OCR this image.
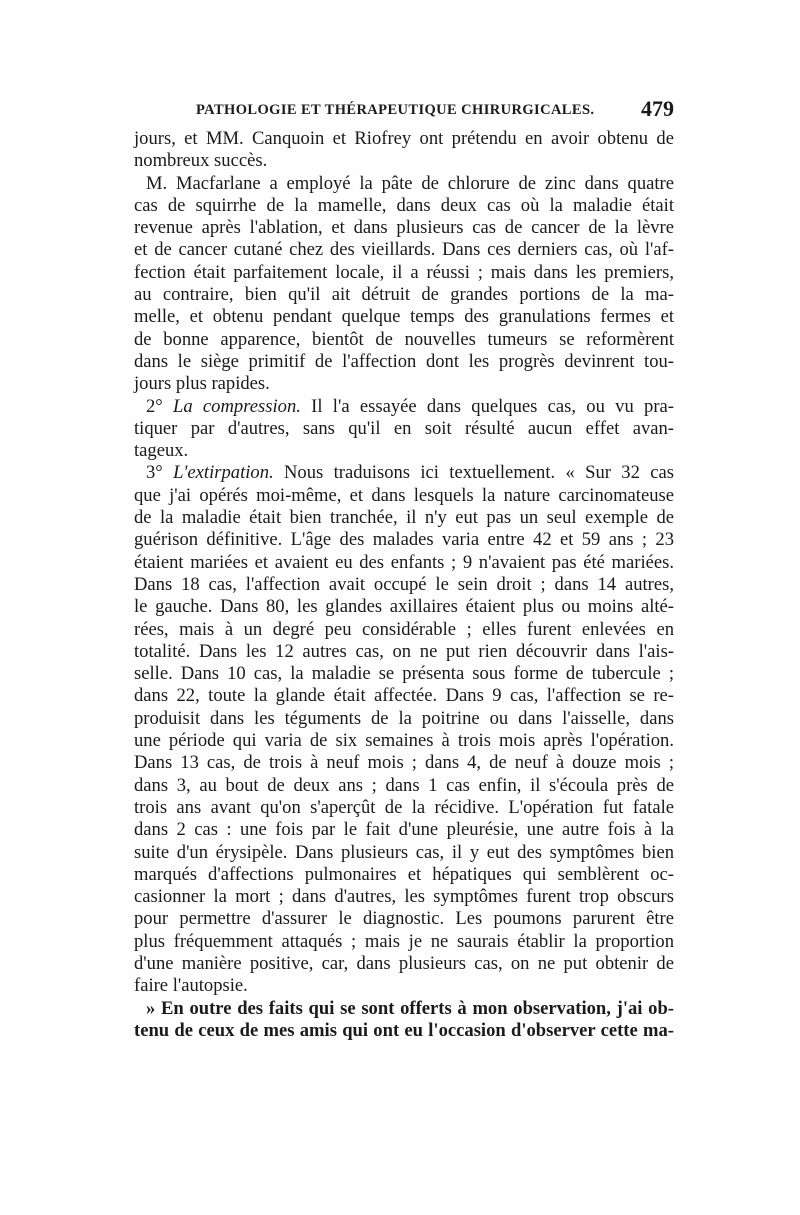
PATHOLOGIE ET THÉRAPEUTIQUE CHIRURGICALES. 479
jours, et MM. Canquoin et Riofrey ont prétendu en avoir obtenu de
nombreux succès.
M. Macfarlane a employé la pâte de chlorure de zinc dans quatre
cas de squirrhe de la mamelle, dans deux cas où la maladie était
revenue après l'ablation, et dans plusieurs cas de cancer de la lèvre
et de cancer cutané chez des vieillards. Dans ces derniers cas, où l'af-
fection était parfaitement locale, il a réussi ; mais dans les premiers,
au contraire, bien qu'il ait détruit de grandes portions de la ma-
melle, et obtenu pendant quelque temps des granulations fermes et
de bonne apparence, bientôt de nouvelles tumeurs se reformèrent
dans le siège primitif de l'affection dont les progrès devinrent tou-
jours plus rapides.
2° La compression. Il l'a essayée dans quelques cas, ou vu pra-
tiquer par d'autres, sans qu'il en soit résulté aucun effet avan-
tageux.
3° L'extirpation. Nous traduisons ici textuellement. « Sur 32 cas
que j'ai opérés moi-même, et dans lesquels la nature carcinomateuse
de la maladie était bien tranchée, il n'y eut pas un seul exemple de
guérison définitive. L'âge des malades varia entre 42 et 59 ans ; 23
étaient mariées et avaient eu des enfants ; 9 n'avaient pas été mariées.
Dans 18 cas, l'affection avait occupé le sein droit ; dans 14 autres,
le gauche. Dans 80, les glandes axillaires étaient plus ou moins alté-
rées, mais à un degré peu considérable ; elles furent enlevées en
totalité. Dans les 12 autres cas, on ne put rien découvrir dans l'ais-
selle. Dans 10 cas, la maladie se présenta sous forme de tubercule ;
dans 22, toute la glande était affectée. Dans 9 cas, l'affection se re-
produisit dans les téguments de la poitrine ou dans l'aisselle, dans
une période qui varia de six semaines à trois mois après l'opération.
Dans 13 cas, de trois à neuf mois ; dans 4, de neuf à douze mois ;
dans 3, au bout de deux ans ; dans 1 cas enfin, il s'écoula près de
trois ans avant qu'on s'aperçût de la récidive. L'opération fut fatale
dans 2 cas : une fois par le fait d'une pleurésie, une autre fois à la
suite d'un érysipèle. Dans plusieurs cas, il y eut des symptômes bien
marqués d'affections pulmonaires et hépatiques qui semblèrent oc-
casionner la mort ; dans d'autres, les symptômes furent trop obscurs
pour permettre d'assurer le diagnostic. Les poumons parurent être
plus fréquemment attaqués ; mais je ne saurais établir la proportion
d'une manière positive, car, dans plusieurs cas, on ne put obtenir de
faire l'autopsie.
» En outre des faits qui se sont offerts à mon observation, j'ai ob-
tenu de ceux de mes amis qui ont eu l'occasion d'observer cette ma-
